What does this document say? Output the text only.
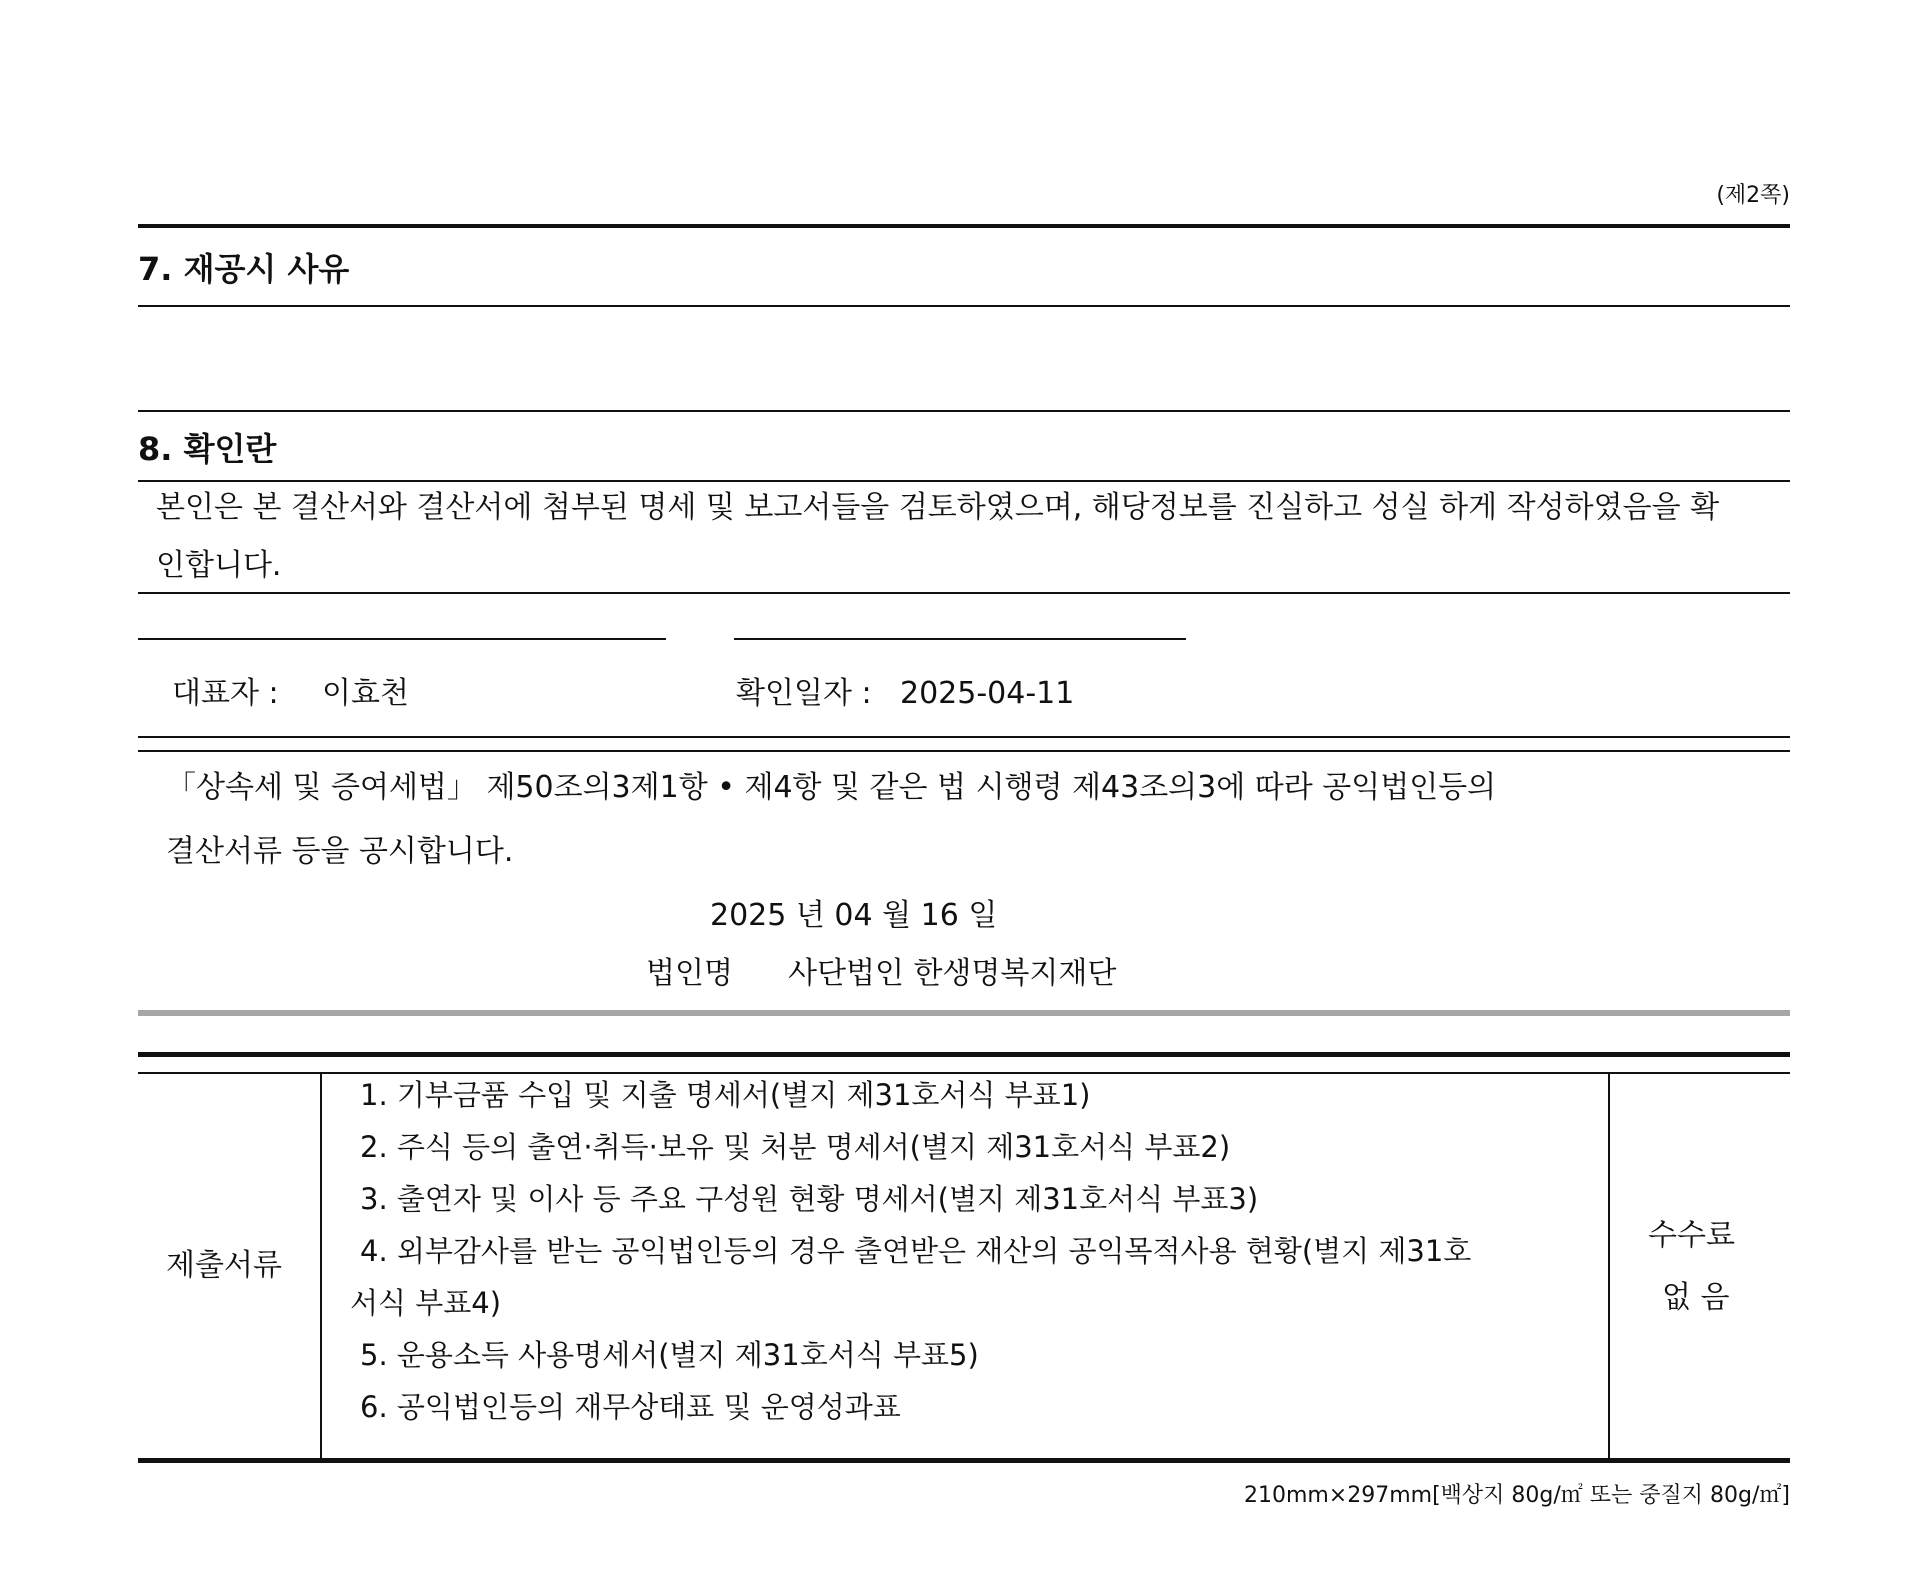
(제2쪽)
7. 재공시 사유
8. 확인란
본인은 본 결산서와 결산서에 첨부된 명세 및 보고서들을 검토하였으며, 해당정보를 진실하고 성실 하게 작성하였음을 확
인합니다.
대표자 : 이효천	확인일자 : 2025-04-11
「상속세 및 증여세법」 제50조의3제1항 • 제4항 및 같은 법 시행령 제43조의3에 따라 공익법인등의
결산서류 등을 공시합니다.
2025 년 04 월 16 일
법인명 사단법인 한생명복지재단
제출서류
1. 기부금품 수입 및 지출 명세서(별지 제31호서식 부표1)
2. 주식 등의 출연·취득·보유 및 처분 명세서(별지 제31호서식 부표2)
3. 출연자 및 이사 등 주요 구성원 현황 명세서(별지 제31호서식 부표3)
4. 외부감사를 받는 공익법인등의 경우 출연받은 재산의 공익목적사용 현황(별지 제31호
서식 부표4)
5. 운용소득 사용명세서(별지 제31호서식 부표5)
6. 공익법인등의 재무상태표 및 운영성과표
수수료
없 음
210mm×297mm[백상지 80g/㎡ 또는 중질지 80g/㎡]
